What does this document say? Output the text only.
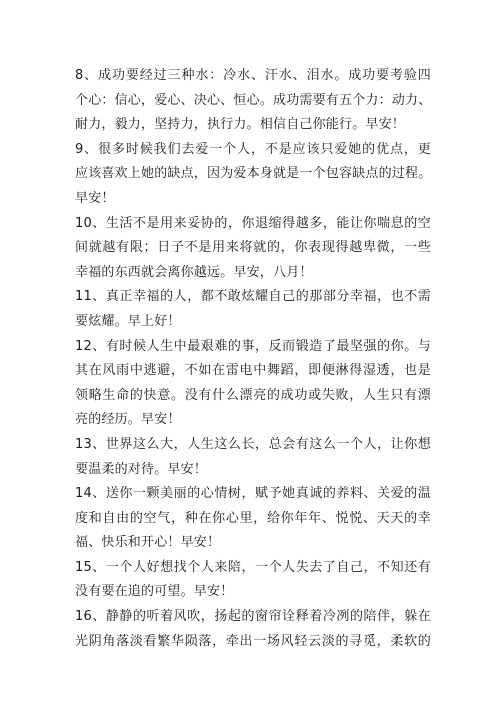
8、成功要经过三种水：冷水、汗水、泪水。成功要考验四
个心：信心，爱心、决心、恒心。成功需要有五个力：动力、
耐力，毅力，坚持力，执行力。相信自己你能行。早安！
9、很多时候我们去爱一个人，不是应该只爱她的优点，更
应该喜欢上她的缺点，因为爱本身就是一个包容缺点的过程。
早安！
10、生活不是用来妥协的，你退缩得越多，能让你喘息的空
间就越有限；日子不是用来将就的，你表现得越卑微，一些
幸福的东西就会离你越远。早安，八月！
11、真正幸福的人，都不敢炫耀自己的那部分幸福，也不需
要炫耀。早上好！
12、有时候人生中最艰难的事，反而锻造了最坚强的你。与
其在风雨中逃避，不如在雷电中舞蹈，即便淋得湿透，也是
领略生命的快意。没有什么漂亮的成功或失败，人生只有漂
亮的经历。早安！
13、世界这么大，人生这么长，总会有这么一个人，让你想
要温柔的对待。早安！
14、送你一颗美丽的心情树，赋予她真诚的养料、关爱的温
度和自由的空气，种在你心里，给你年年、悦悦、天天的幸
福、快乐和开心！早安！
15、一个人好想找个人来陪，一个人失去了自己，不知还有
没有要在追的可望。早安！
16、静静的听着风吹，扬起的窗帘诠释着冷冽的陪伴，躲在
光阴角落淡看繁华陨落，牵出一场风轻云淡的寻觅，柔软的
